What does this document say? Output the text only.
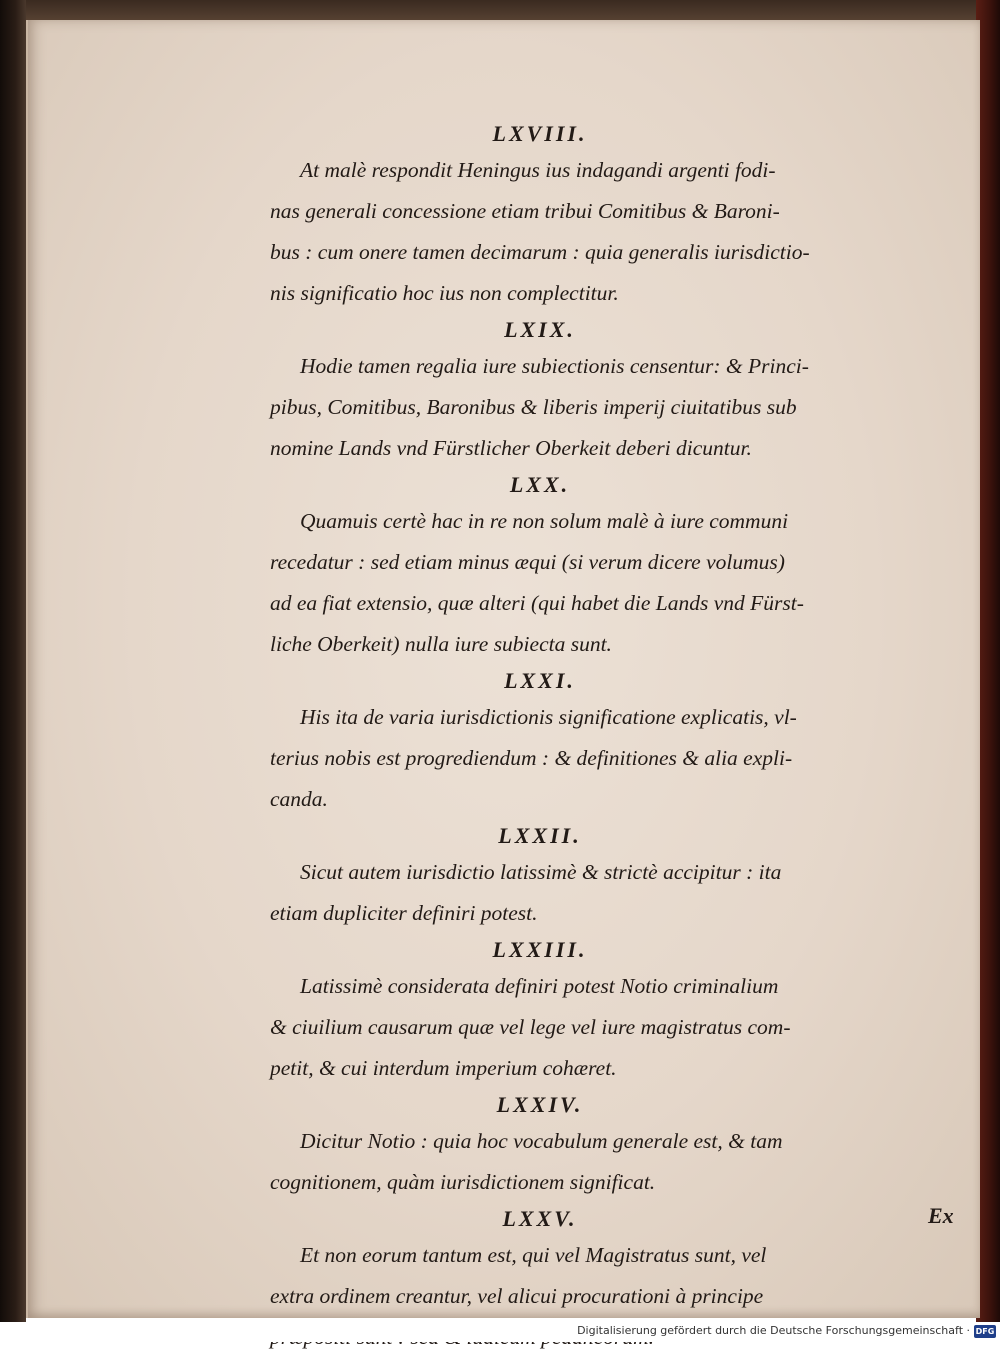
LXVIII.
At malè respondit Heningus ius indagandi argenti fodi-
nas generali concessione etiam tribui Comitibus & Baroni-
bus : cum onere tamen decimarum : quia generalis iurisdictio-
nis significatio hoc ius non complectitur.
LXIX.
Hodie tamen regalia iure subiectionis censentur: & Princi-
pibus, Comitibus, Baronibus & liberis imperij ciuitatibus sub
nomine Lands vnd Fürstlicher Oberkeit deberi dicuntur.
LXX.
Quamuis certè hac in re non solum malè à iure communi
recedatur : sed etiam minus æqui (si verum dicere volumus)
ad ea fiat extensio, quæ alteri (qui habet die Lands vnd Fürst-
liche Oberkeit) nulla iure subiecta sunt.
LXXI.
His ita de varia iurisdictionis significatione explicatis, vl-
terius nobis est progrediendum : & definitiones & alia expli-
canda.
LXXII.
Sicut autem iurisdictio latissimè & strictè accipitur : ita
etiam dupliciter definiri potest.
LXXIII.
Latissimè considerata definiri potest Notio criminalium
& ciuilium causarum quæ vel lege vel iure magistratus com-
petit, & cui interdum imperium cohæret.
LXXIV.
Dicitur Notio : quia hoc vocabulum generale est, & tam
cognitionem, quàm iurisdictionem significat.
LXXV.
Et non eorum tantum est, qui vel Magistratus sunt, vel
extra ordinem creantur, vel alicui procurationi à principe
Ex
Digitalisierung gefördert durch die Deutsche Forschungsgemeinschaft · DFG
